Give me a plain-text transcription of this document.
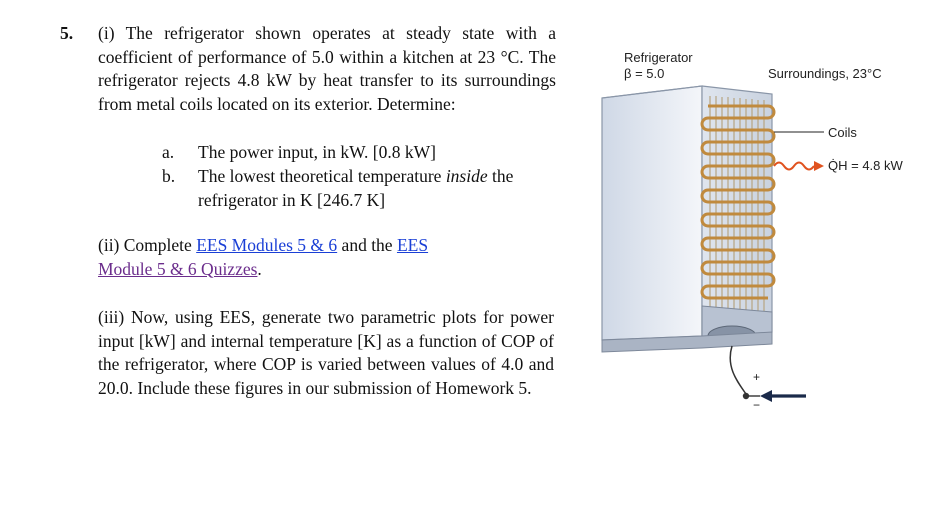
5. (i) The refrigerator shown operates at steady state with a coefficient of performance of 5.0 within a kitchen at 23 °C. The refrigerator rejects 4.8 kW by heat transfer to its surroundings from metal coils located on its exterior. Determine:
a. The power input, in kW. [0.8 kW]
b. The lowest theoretical temperature inside the refrigerator in K [246.7 K]
(ii) Complete EES Modules 5 & 6 and the EES
Module 5 & 6 Quizzes.
(iii) Now, using EES, generate two parametric plots for power input [kW] and internal temperature [K] as a function of COP of the refrigerator, where COP is varied between values of 4.0 and 20.0. Include these figures in our submission of Homework 5.
Refrigerator
β = 5.0	Surroundings, 23°C
Coils
Q̇H = 4.8 kW
+
−
